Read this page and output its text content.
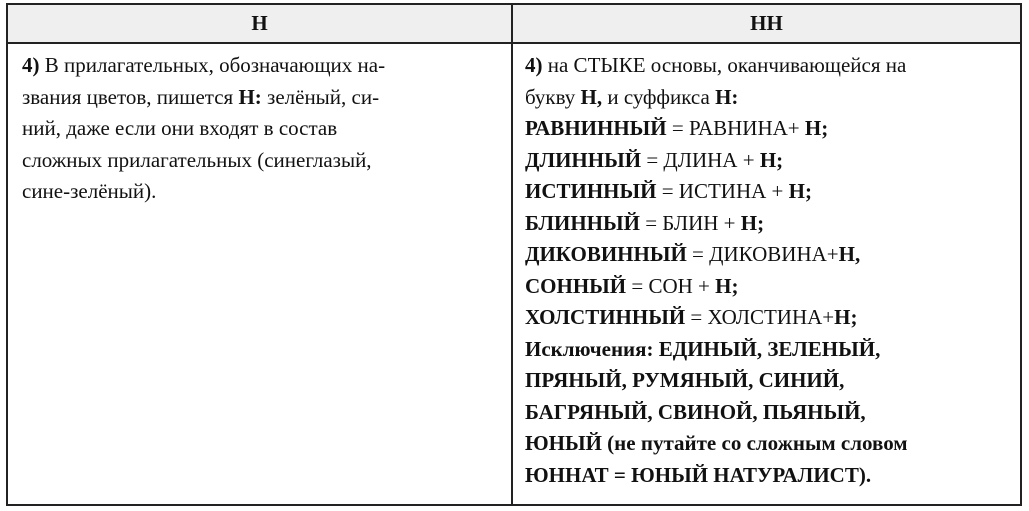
Н	НН
4) В прилагательных, обозначающих на-
звания цветов, пишется Н: зелёный, си-
ний, даже если они входят в состав
сложных прилагательных (синеглазый,
сине-зелёный).
4) на СТЫКЕ основы, оканчивающейся на
букву Н, и суффикса Н:
РАВНИННЫЙ = РАВНИНА+ Н;
ДЛИННЫЙ = ДЛИНА + Н;
ИСТИННЫЙ = ИСТИНА + Н;
БЛИННЫЙ = БЛИН + Н;
ДИКОВИННЫЙ = ДИКОВИНА+Н,
СОННЫЙ = СОН + Н;
ХОЛСТИННЫЙ = ХОЛСТИНА+Н;
Исключения: ЕДИНЫЙ, ЗЕЛЕНЫЙ,
ПРЯНЫЙ, РУМЯНЫЙ, СИНИЙ,
БАГРЯНЫЙ, СВИНОЙ, ПЬЯНЫЙ,
ЮНЫЙ (не путайте со сложным словом
ЮННАТ = ЮНЫЙ НАТУРАЛИСТ).
